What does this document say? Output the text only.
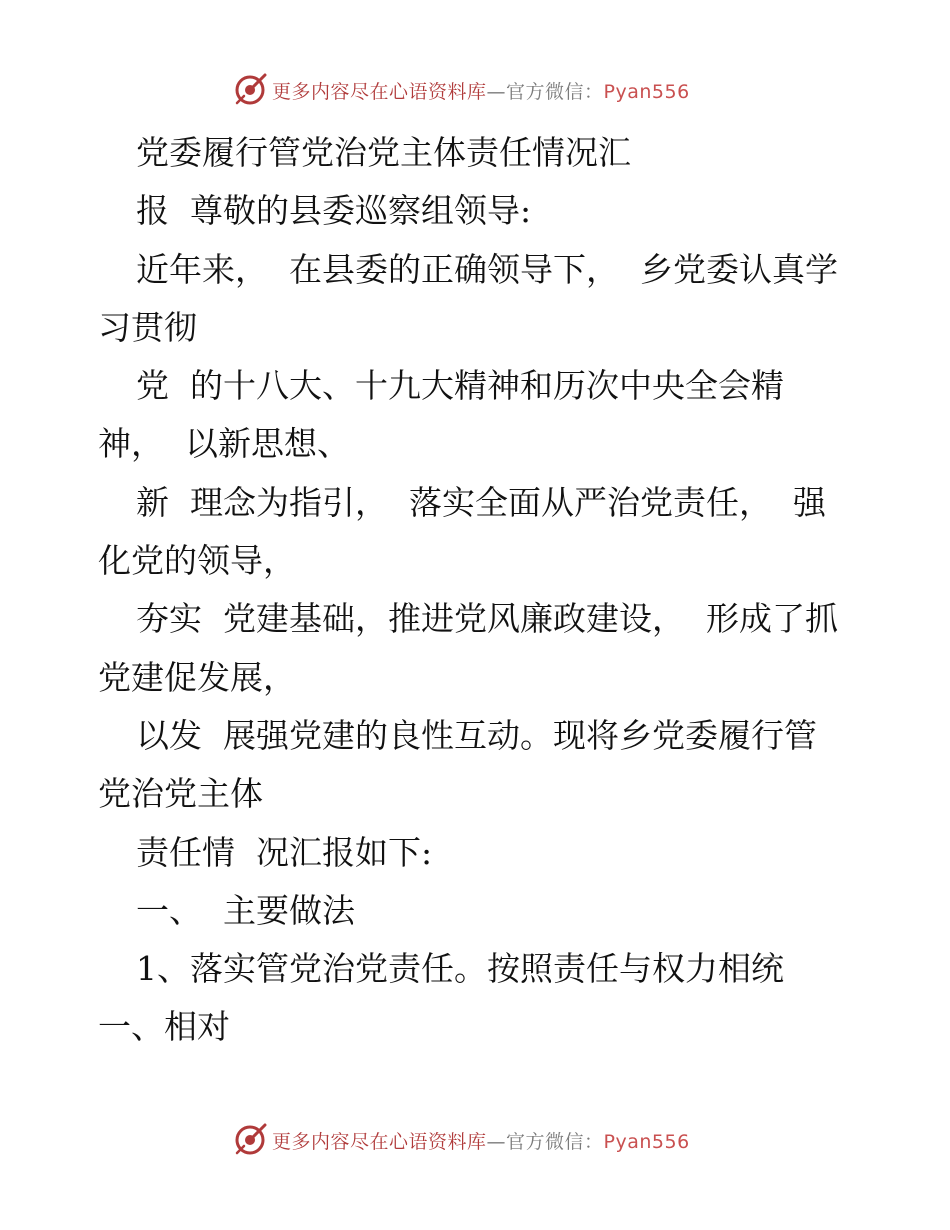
更多内容尽在心语资料库—官方微信：Pyan556
党委履行管党治党主体责任情况汇
报  尊敬的县委巡察组领导:
近年来，  在县委的正确领导下，  乡党委认真学
习贯彻
党  的十八大、十九大精神和历次中央全会精
神，  以新思想、
新  理念为指引，  落实全面从严治党责任，  强
化党的领导，
夯实  党建基础，推进党风廉政建设，  形成了抓
党建促发展，
以发  展强党建的良性互动。现将乡党委履行管
党治党主体
责任情  况汇报如下:
一、  主要做法
1、落实管党治党责任。按照责任与权力相统
一、相对
更多内容尽在心语资料库—官方微信：Pyan556
